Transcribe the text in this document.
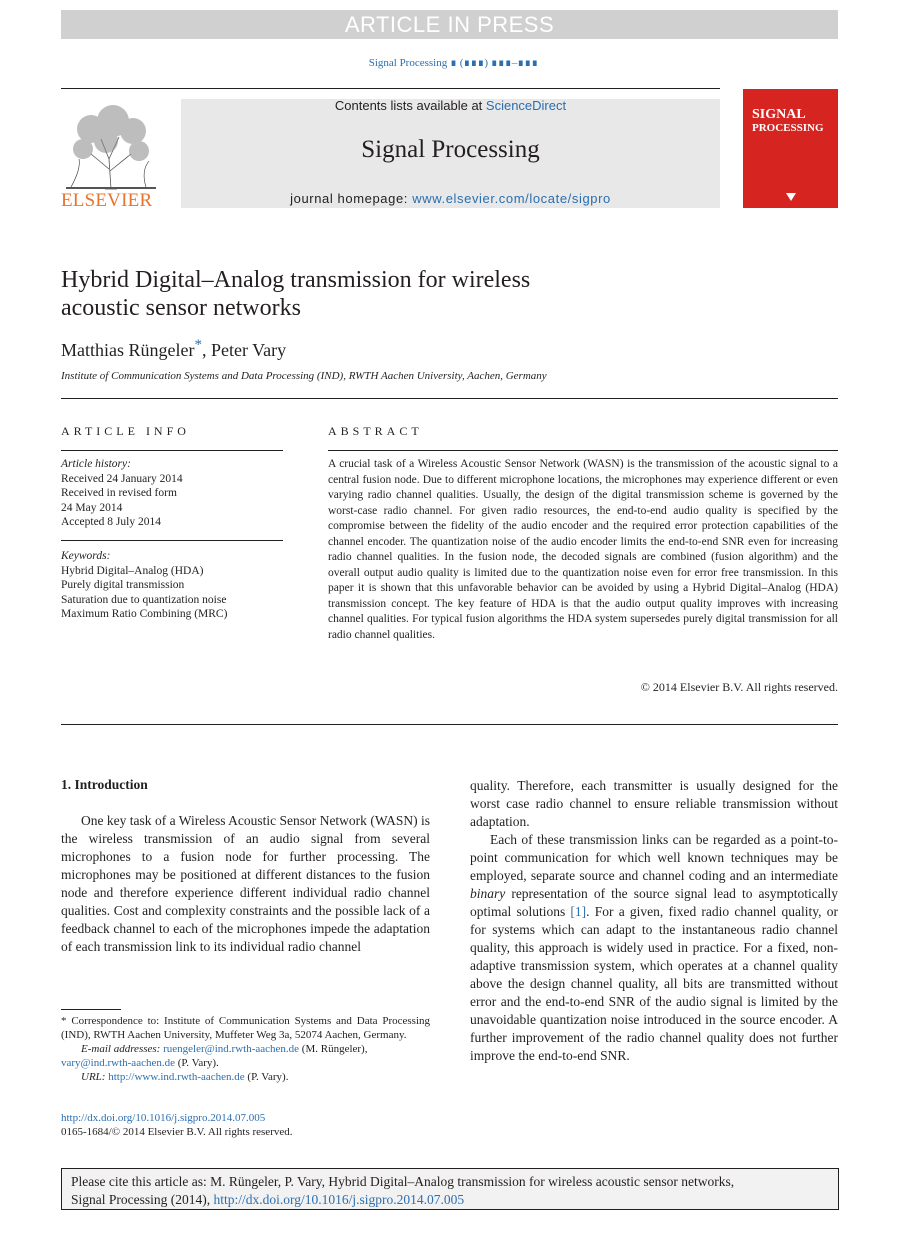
ARTICLE IN PRESS
Signal Processing ∎ (∎∎∎) ∎∎∎–∎∎∎
ELSEVIER
Contents lists available at ScienceDirect
Signal Processing
journal homepage: www.elsevier.com/locate/sigpro
SIGNAL
PROCESSING
Hybrid Digital–Analog transmission for wireless
acoustic sensor networks
Matthias Rüngeler*, Peter Vary
Institute of Communication Systems and Data Processing (IND), RWTH Aachen University, Aachen, Germany
ARTICLE INFO
Article history:
Received 24 January 2014
Received in revised form
24 May 2014
Accepted 8 July 2014
Keywords:
Hybrid Digital–Analog (HDA)
Purely digital transmission
Saturation due to quantization noise
Maximum Ratio Combining (MRC)
ABSTRACT
A crucial task of a Wireless Acoustic Sensor Network (WASN) is the transmission of the acoustic signal to a central fusion node. Due to different microphone locations, the microphones may experience different or even varying radio channel qualities. Usually, the design of the digital transmission scheme is governed by the worst-case radio channel. For given radio resources, the end-to-end audio quality is specified by the compromise between the fidelity of the audio encoder and the required error protection capabilities of the channel encoder. The quantization noise of the audio encoder limits the end-to-end SNR even for increasing radio channel qualities. In the fusion node, the decoded signals are combined (fusion algorithm) and the overall output audio quality is limited due to the quantization noise even for error free transmission. In this paper it is shown that this unfavorable behavior can be avoided by using a Hybrid Digital–Analog (HDA) transmission concept. The key feature of HDA is that the audio output quality improves with increasing channel qualities. For typical fusion algorithms the HDA system supersedes purely digital transmission for all radio channel qualities.
© 2014 Elsevier B.V. All rights reserved.
1. Introduction

One key task of a Wireless Acoustic Sensor Network (WASN) is the wireless transmission of an audio signal from several microphones to a fusion node for further processing. The microphones may be positioned at different distances to the fusion node and therefore experience different individual radio channel qualities. Cost and complexity constraints and the possible lack of a feedback channel to each of the microphones impede the adaptation of each transmission link to its individual radio channel

quality. Therefore, each transmitter is usually designed for the worst case radio channel to ensure reliable transmission without adaptation.

Each of these transmission links can be regarded as a point-to-point communication for which well known techniques may be employed, separate source and channel coding and an intermediate binary representation of the source signal lead to asymptotically optimal solutions [1]. For a given, fixed radio channel quality, or for systems which can adapt to the instantaneous radio channel quality, this approach is widely used in practice. For a fixed, non-adaptive transmission system, which operates at a channel quality above the design channel quality, all bits are transmitted without error and the end-to-end SNR of the audio signal is limited by the unavoidable quantization noise introduced in the source encoder. A further improvement of the radio channel quality does not further improve the end-to-end SNR.

* Correspondence to: Institute of Communication Systems and Data Processing (IND), RWTH Aachen University, Muffeter Weg 3a, 52074 Aachen, Germany.
E-mail addresses: ruengeler@ind.rwth-aachen.de (M. Rüngeler),
vary@ind.rwth-aachen.de (P. Vary).
URL: http://www.ind.rwth-aachen.de (P. Vary).
http://dx.doi.org/10.1016/j.sigpro.2014.07.005
0165-1684/© 2014 Elsevier B.V. All rights reserved.
Please cite this article as: M. Rüngeler, P. Vary, Hybrid Digital–Analog transmission for wireless acoustic sensor networks,
Signal Processing (2014), http://dx.doi.org/10.1016/j.sigpro.2014.07.005
